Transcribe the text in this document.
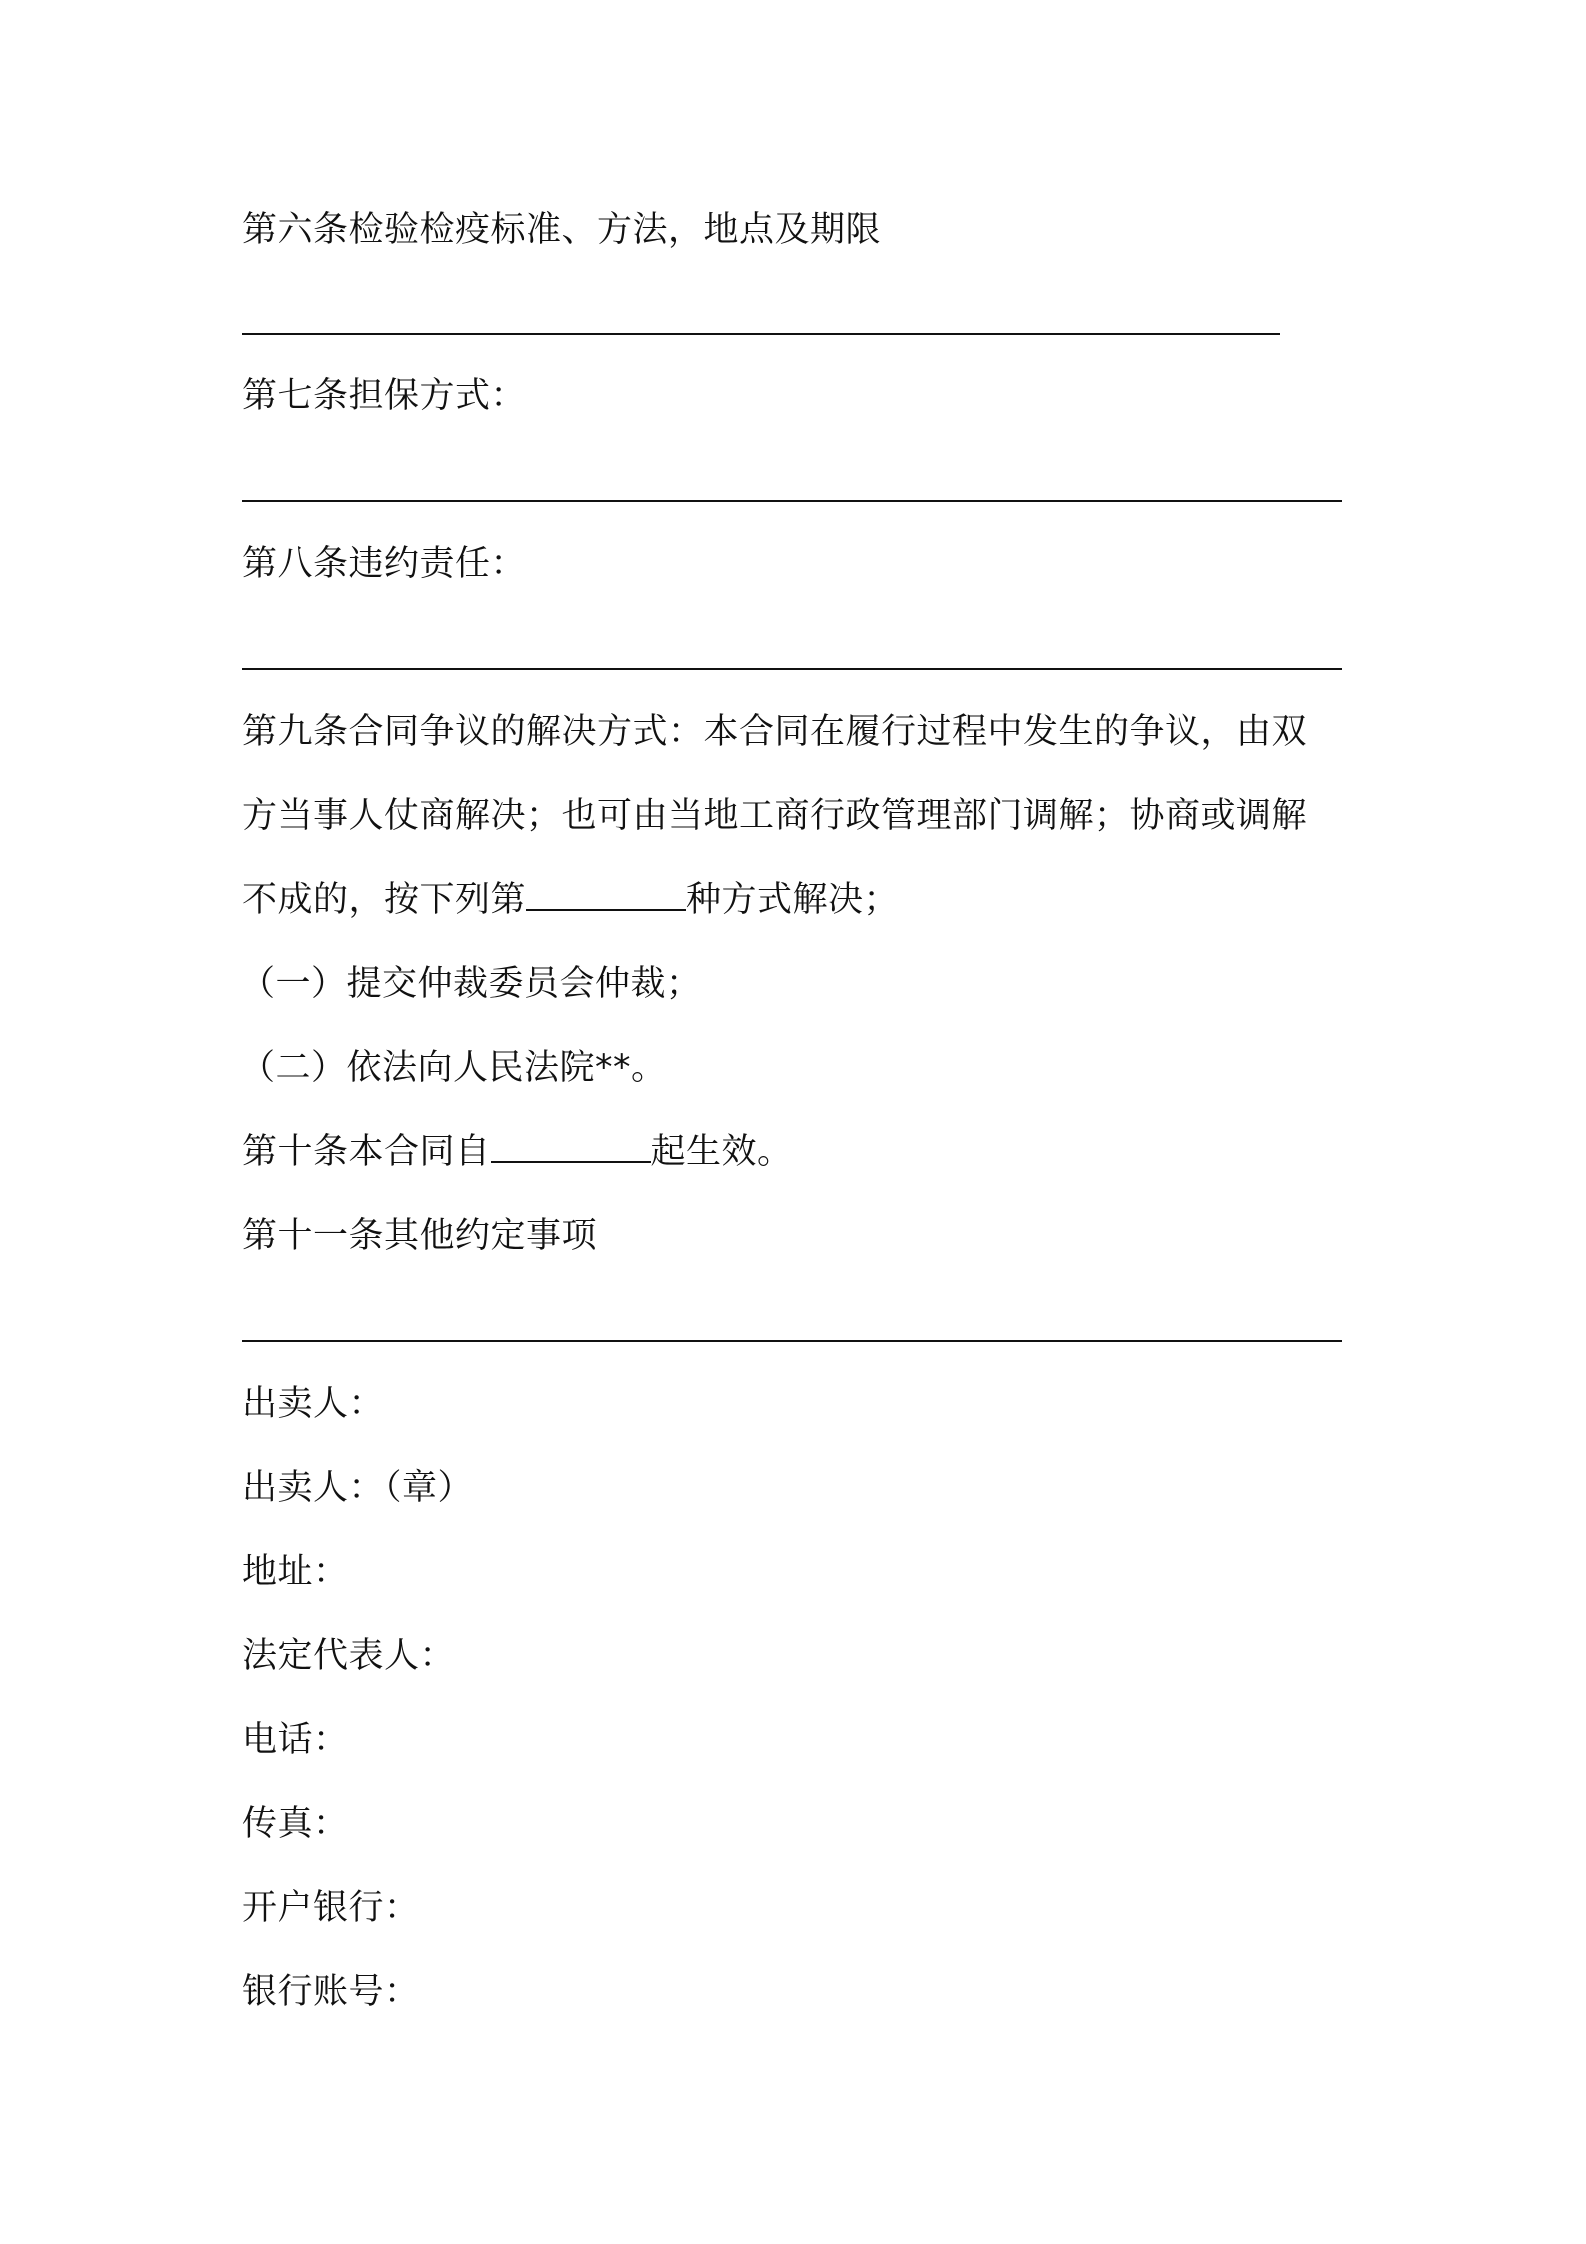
第六条检验检疫标准、方法，地点及期限
第七条担保方式：
第八条违约责任：
第九条合同争议的解决方式：本合同在履行过程中发生的争议，由双
方当事人仗商解决；也可由当地工商行政管理部门调解；协商或调解
不成的，按下列第	种方式解决；
（一）提交仲裁委员会仲裁；
（二）依法向人民法院**。
第十条本合同自	起生效。
第十一条其他约定事项
出卖人：
出卖人：（章）
地址：
法定代表人：
电话：
传真：
开户银行：
银行账号：
